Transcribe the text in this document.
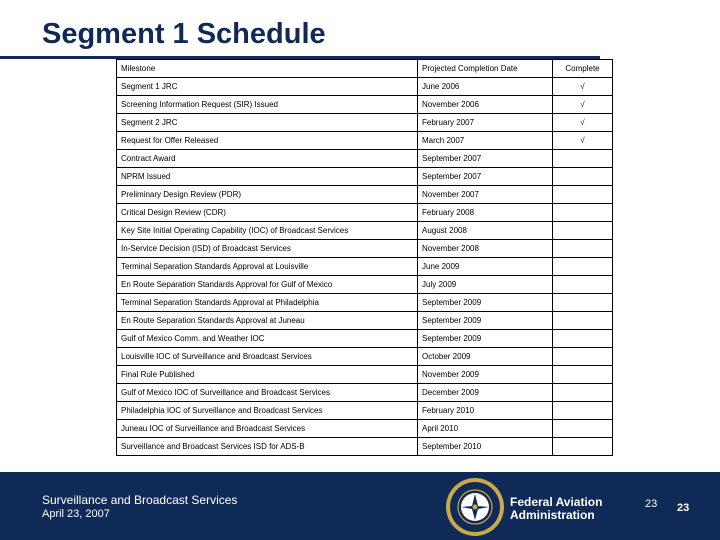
Segment 1 Schedule
Milestone	Projected Completion Date	Complete
Segment 1 JRC	June 2006	√
Screening Information Request (SIR) Issued	November 2006	√
Segment 2 JRC	February 2007	√
Request for Offer Released	March 2007	√
Contract Award	September 2007	
NPRM Issued	September 2007	
Preliminary Design Review (PDR)	November 2007	
Critical Design Review (CDR)	February 2008	
Key Site Initial Operating Capability (IOC) of Broadcast Services	August 2008	
In-Service Decision (ISD) of Broadcast Services	November 2008	
Terminal Separation Standards Approval at Louisville	June 2009	
En Route Separation Standards Approval for Gulf of Mexico	July 2009	
Terminal Separation Standards Approval at Philadelphia	September 2009	
En Route Separation Standards Approval at Juneau	September 2009	
Gulf of Mexico Comm. and Weather IOC	September 2009	
Louisville IOC of Surveillance and Broadcast Services	October 2009	
Final Rule Published	November 2009	
Gulf of Mexico IOC of Surveillance and Broadcast Services	December 2009	
Philadelphia IOC of Surveillance and Broadcast Services	February 2010	
Juneau IOC of Surveillance and Broadcast Services	April 2010	
Surveillance and Broadcast Services ISD for ADS-B	September 2010	
Surveillance and Broadcast Services
April 23, 2007
Federal Aviation
Administration
23 23
